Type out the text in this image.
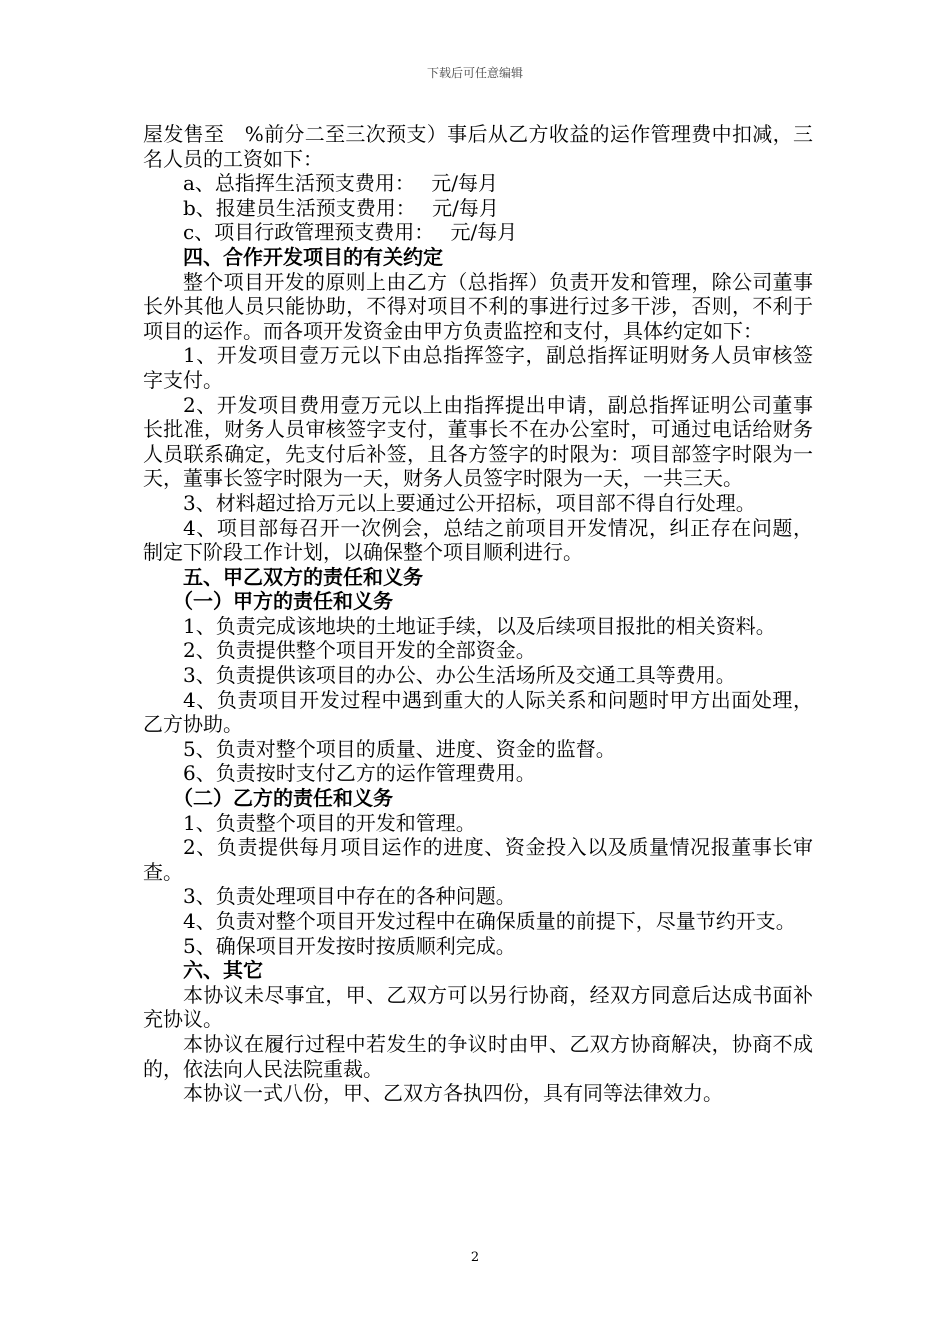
下载后可任意编辑

屋发售至　%前分二至三次预支）事后从乙方收益的运作管理费中扣减，三名人员的工资如下：

a、总指挥生活预支费用：　 元/每月

b、报建员生活预支费用：　 元/每月

c、项目行政管理预支费用：　 元/每月

四、合作开发项目的有关约定

整个项目开发的原则上由乙方（总指挥）负责开发和管理，除公司董事长外其他人员只能协助，不得对项目不利的事进行过多干涉，否则，不利于项目的运作。而各项开发资金由甲方负责监控和支付，具体约定如下：

1、开发项目壹万元以下由总指挥签字，副总指挥证明财务人员审核签字支付。

2、开发项目费用壹万元以上由指挥提出申请，副总指挥证明公司董事长批准，财务人员审核签字支付，董事长不在办公室时，可通过电话给财务人员联系确定，先支付后补签，且各方签字的时限为：项目部签字时限为一天，董事长签字时限为一天，财务人员签字时限为一天，一共三天。

3、材料超过拾万元以上要通过公开招标，项目部不得自行处理。

4、项目部每召开一次例会，总结之前项目开发情况，纠正存在问题，制定下阶段工作计划，以确保整个项目顺利进行。

五、甲乙双方的责任和义务

（一）甲方的责任和义务

1、负责完成该地块的土地证手续，以及后续项目报批的相关资料。

2、负责提供整个项目开发的全部资金。

3、负责提供该项目的办公、办公生活场所及交通工具等费用。

4、负责项目开发过程中遇到重大的人际关系和问题时甲方出面处理，乙方协助。

5、负责对整个项目的质量、进度、资金的监督。

6、负责按时支付乙方的运作管理费用。

（二）乙方的责任和义务

1、负责整个项目的开发和管理。

2、负责提供每月项目运作的进度、资金投入以及质量情况报董事长审查。

3、负责处理项目中存在的各种问题。

4、负责对整个项目开发过程中在确保质量的前提下，尽量节约开支。

5、确保项目开发按时按质顺利完成。

六、其它

本协议未尽事宜，甲、乙双方可以另行协商，经双方同意后达成书面补充协议。

本协议在履行过程中若发生的争议时由甲、乙双方协商解决，协商不成的，依法向人民法院重裁。

本协议一式八份，甲、乙双方各执四份，具有同等法律效力。

2
